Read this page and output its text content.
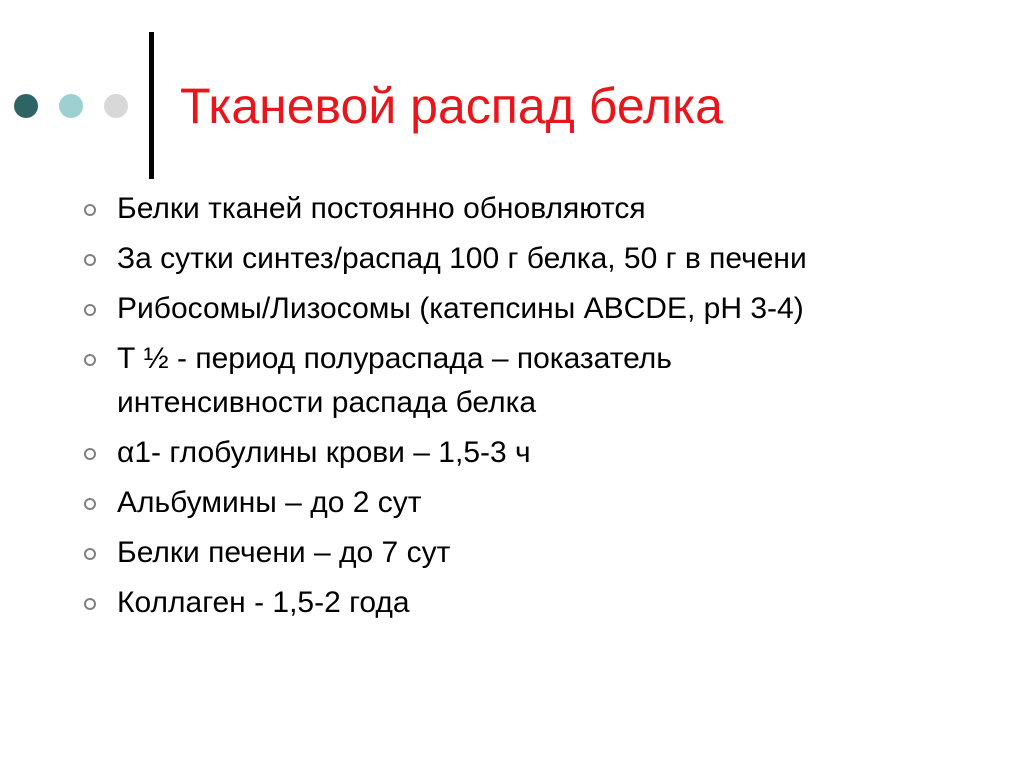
Тканевой распад белка
Белки тканей постоянно обновляются
За сутки синтез/распад 100 г белка, 50 г в печени
Рибосомы/Лизосомы (катепсины ABCDE, pH 3-4)
Т ½ - период полураспада – показатель
интенсивности распада белка
α1- глобулины крови – 1,5-3 ч
Альбумины – до 2 сут
Белки печени – до 7 сут
Коллаген - 1,5-2 года
